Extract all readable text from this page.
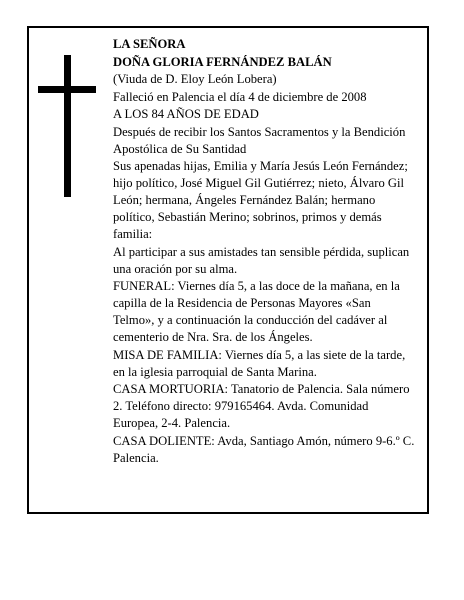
LA SEÑORA

DOÑA GLORIA FERNÁNDEZ BALÁN

(Viuda de D. Eloy León Lobera)

Falleció en Palencia el día 4 de diciembre de 2008

A LOS 84 AÑOS DE EDAD

Después de recibir los Santos Sacramentos y la Bendición Apostólica de Su Santidad

Sus apenadas hijas, Emilia y María Jesús León Fernández; hijo político, José Miguel Gil Gutiérrez; nieto, Álvaro Gil León; hermana, Ángeles Fernández Balán; hermano político, Sebastián Merino; sobrinos, primos y demás familia:

Al participar a sus amistades tan sensible pérdida, suplican una oración por su alma.

FUNERAL: Viernes día 5, a las doce de la mañana, en la capilla de la Residencia de Personas Mayores «San Telmo», y a continuación la conducción del cadáver al cementerio de Nra. Sra. de los Ángeles.

MISA DE FAMILIA: Viernes día 5, a las siete de la tarde, en la iglesia parroquial de Santa Marina.

CASA MORTUORIA: Tanatorio de Palencia. Sala número 2. Teléfono directo: 979165464. Avda. Comunidad Europea, 2-4. Palencia.

CASA DOLIENTE: Avda, Santiago Amón, número 9-6.º C. Palencia.
